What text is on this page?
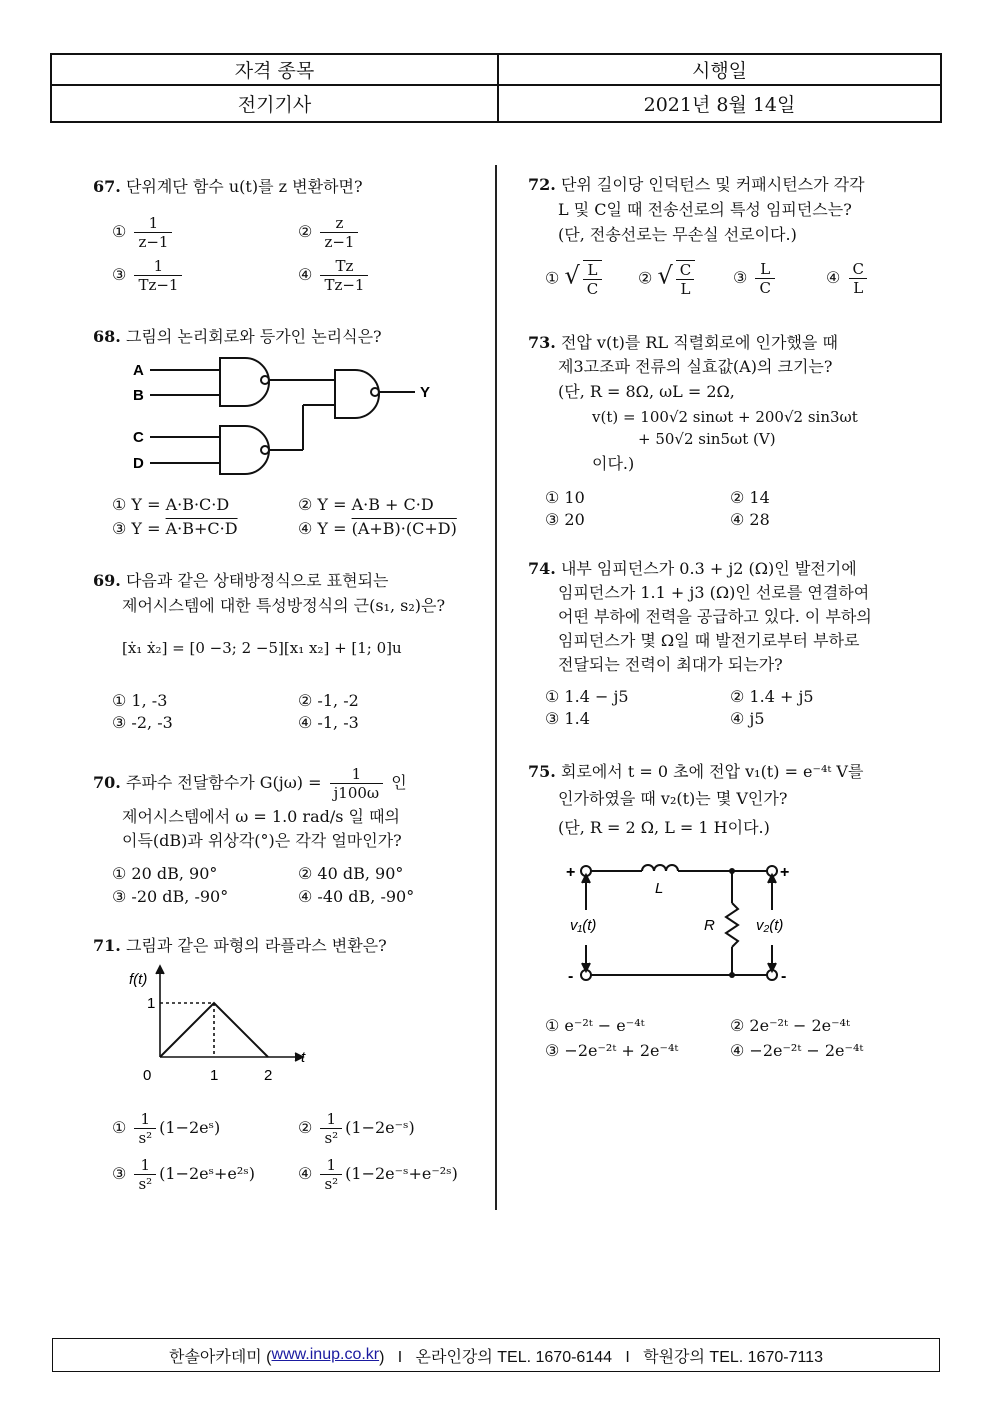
자격 종목	시행일
전기기사	2021년 8월 14일
67. 단위계단 함수 u(t)를 z 변환하면?
① $\frac{1}{z-1}$	② $\frac{z}{z-1}$
③ $\frac{1}{Tz-1}$	④ $\frac{Tz}{Tz-1}$
68. 그림의 논리회로와 등가인 논리식은?
A
B
C
D
Y
① Y = A·B·C·D	② Y = A·B + C·D
③ Y = A·B+C·D	④ Y = (A+B)·(C+D)
69. 다음과 같은 상태방정식으로 표현되는
제어시스템에 대한 특성방정식의 근(s₁, s₂)은?
[ẋ₁ ẋ₂] = [0 −3; 2 −5][x₁ x₂] + [1; 0]u
① 1, -3	② -1, -2
③ -2, -3	④ -1, -3
70. 주파수 전달함수가 $G(j\omega) = \frac{1}{j100\omega}$ 인
제어시스템에서 ω = 1.0 rad/s 일 때의
이득(dB)과 위상각(°)은 각각 얼마인가?
① 20 dB, 90°	② 40 dB, 90°
③ -20 dB, -90°	④ -40 dB, -90°
71. 그림과 같은 파형의 라플라스 변환은?
f(t)
t
1
0	1	2
① $\frac{1}{\text{s²}}$ (1−2eˢ)	② $\frac{1}{\text{s²}}$ (1−2e⁻ˢ)
③ $\frac{1}{\text{s²}}$ (1−2eˢ+e²ˢ)	④ $\frac{1}{\text{s²}}$ (1−2e⁻ˢ+e⁻²ˢ)
72. 단위 길이당 인덕턴스 및 커패시턴스가 각각
L 및 C일 때 전송선로의 특성 임피던스는?
(단, 전송선로는 무손실 선로이다.)
① √ $\frac{L}{C}$ ② √ $\frac{C}{L}$ ③ $\frac{L}{C}$	④ $\frac{C}{L}$
73. 전압 v(t)를 RL 직렬회로에 인가했을 때
제3고조파 전류의 실효값(A)의 크기는?
(단, R = 8Ω, ωL = 2Ω,
v(t) = 100√2 sinωt + 200√2 sin3ωt
+ 50√2 sin5ωt (V)
이다.)
① 10	② 14
③ 20	④ 28
74. 내부 임피던스가 0.3 + j2 (Ω)인 발전기에
임피던스가 1.1 + j3 (Ω)인 선로를 연결하여
어떤 부하에 전력을 공급하고 있다. 이 부하의
임피던스가 몇 Ω일 때 발전기로부터 부하로
전달되는 전력이 최대가 되는가?
① 1.4 − j5	② 1.4 + j5
③ 1.4	④ j5
75. 회로에서 t = 0 초에 전압 v₁(t) = e⁻⁴ᵗ V를
인가하였을 때 v₂(t)는 몇 V인가?
(단, R = 2 Ω, L = 1 H이다.)
+
-
+
-
L
R
v₁(t)	v₂(t)
① e⁻²ᵗ − e⁻⁴ᵗ	② 2e⁻²ᵗ − 2e⁻⁴ᵗ
③ −2e⁻²ᵗ + 2e⁻⁴ᵗ	④ −2e⁻²ᵗ − 2e⁻⁴ᵗ
한솔아카데미 ( www.inup.co.kr )   I   온라인강의 TEL. 1670-6144   I   학원강의 TEL. 1670-7113
